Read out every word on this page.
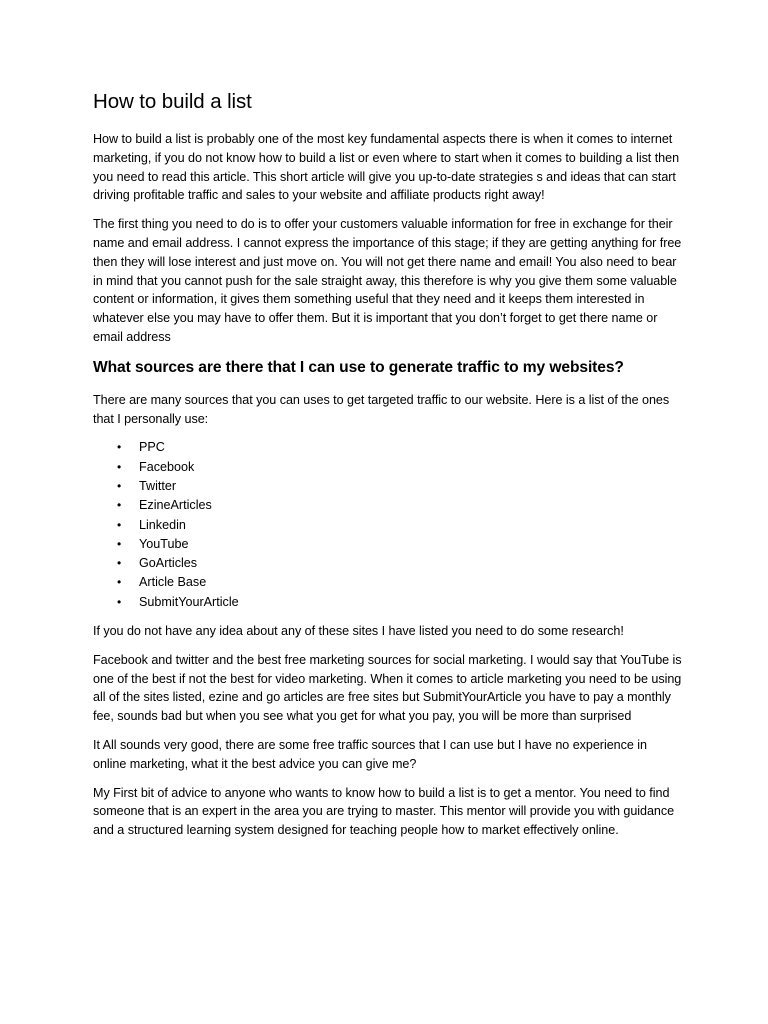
How to build a list

How to build a list is probably one of the most key fundamental aspects there is when it comes to internet marketing, if you do not know how to build a list or even where to start when it comes to building a list then you need to read this article. This short article will give you up-to-date strategies s and ideas that can start driving profitable traffic and sales to your website and affiliate products right away!

The first thing you need to do is to offer your customers valuable information for free in exchange for their name and email address. I cannot express the importance of this stage; if they are getting anything for free then they will lose interest and just move on. You will not get there name and email! You also need to bear in mind that you cannot push for the sale straight away, this therefore is why you give them some valuable content or information, it gives them something useful that they need and it keeps them interested in whatever else you may have to offer them. But it is important that you don’t forget to get there name or email address

What sources are there that I can use to generate traffic to my websites?

There are many sources that you can uses to get targeted traffic to our website. Here is a list of the ones that I personally use:

• PPC
• Facebook
• Twitter
• EzineArticles
• Linkedin
• YouTube
• GoArticles
• Article Base
• SubmitYourArticle

If you do not have any idea about any of these sites I have listed you need to do some research!

Facebook and twitter and the best free marketing sources for social marketing. I would say that YouTube is one of the best if not the best for video marketing. When it comes to article marketing you need to be using all of the sites listed, ezine and go articles are free sites but SubmitYourArticle you have to pay a monthly fee, sounds bad but when you see what you get for what you pay, you will be more than surprised

It All sounds very good, there are some free traffic sources that I can use but I have no experience in online marketing, what it the best advice you can give me?

My First bit of advice to anyone who wants to know how to build a list is to get a mentor. You need to find someone that is an expert in the area you are trying to master. This mentor will provide you with guidance and a structured learning system designed for teaching people how to market effectively online.
